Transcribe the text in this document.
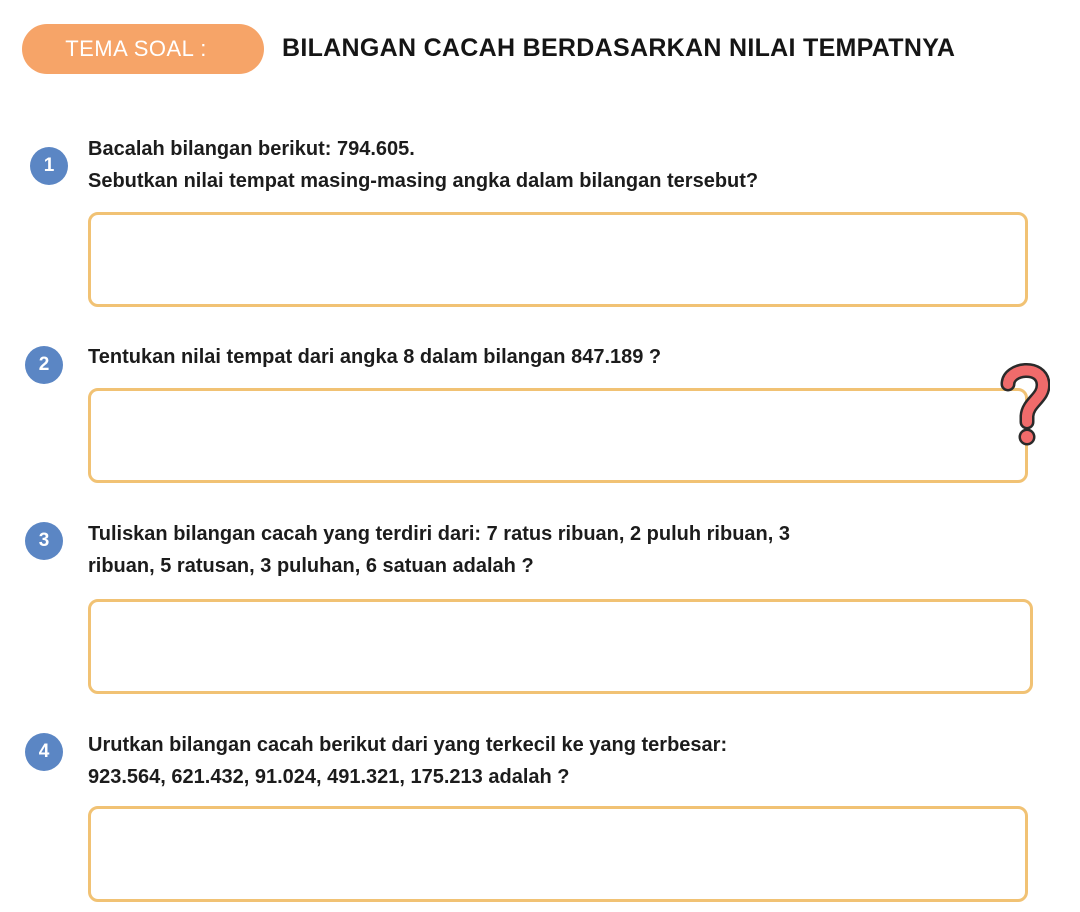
TEMA SOAL :	BILANGAN CACAH BERDASARKAN NILAI TEMPATNYA
1

Bacalah bilangan berikut: 794.605.
Sebutkan nilai tempat masing-masing angka dalam bilangan tersebut?

2	Tentukan nilai tempat dari angka 8 dalam bilangan 847.189 ?

3	Tuliskan bilangan cacah yang terdiri dari: 7 ratus ribuan, 2 puluh ribuan, 3
ribuan, 5 ratusan, 3 puluhan, 6 satuan adalah ?

4	Urutkan bilangan cacah berikut dari yang terkecil ke yang terbesar:
923.564, 621.432, 91.024, 491.321, 175.213 adalah ?
